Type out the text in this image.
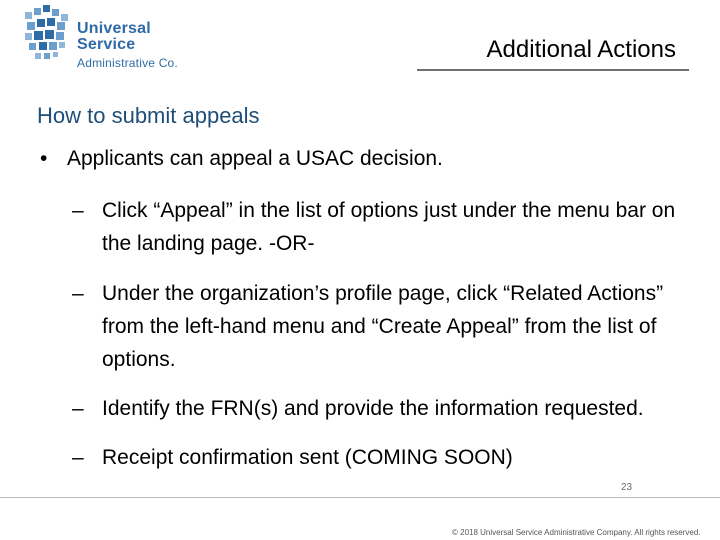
Universal Service
Administrative Co.	Additional Actions
How to submit appeals
• Applicants can appeal a USAC decision.
– Click “Appeal” in the list of options just under the menu bar on the landing page. -OR-
– Under the organization’s profile page, click “Related Actions” from the left-hand menu and “Create Appeal” from the list of options.
– Identify the FRN(s) and provide the information requested.
– Receipt confirmation sent (COMING SOON)
23
© 2018 Universal Service Administrative Company. All rights reserved.
